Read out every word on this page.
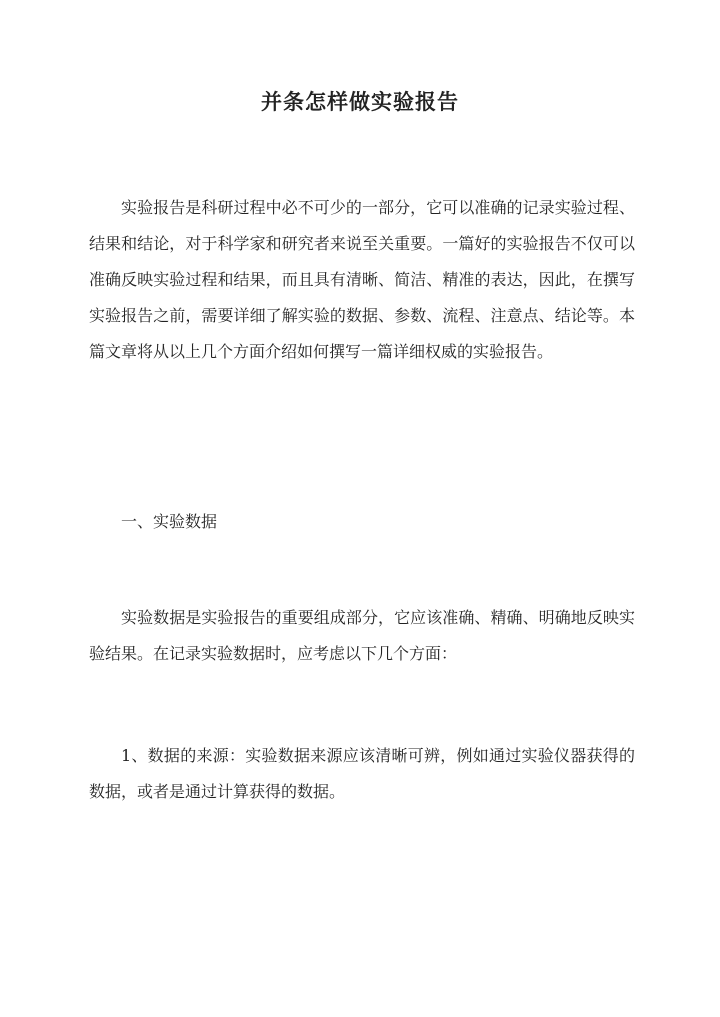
并条怎样做实验报告

实验报告是科研过程中必不可少的一部分，它可以准确的记录实验过程、结果和结论，对于科学家和研究者来说至关重要。一篇好的实验报告不仅可以准确反映实验过程和结果，而且具有清晰、简洁、精准的表达，因此，在撰写实验报告之前，需要详细了解实验的数据、参数、流程、注意点、结论等。本篇文章将从以上几个方面介绍如何撰写一篇详细权威的实验报告。

一、实验数据

实验数据是实验报告的重要组成部分，它应该准确、精确、明确地反映实验结果。在记录实验数据时，应考虑以下几个方面：

1、数据的来源：实验数据来源应该清晰可辨，例如通过实验仪器获得的数据，或者是通过计算获得的数据。
